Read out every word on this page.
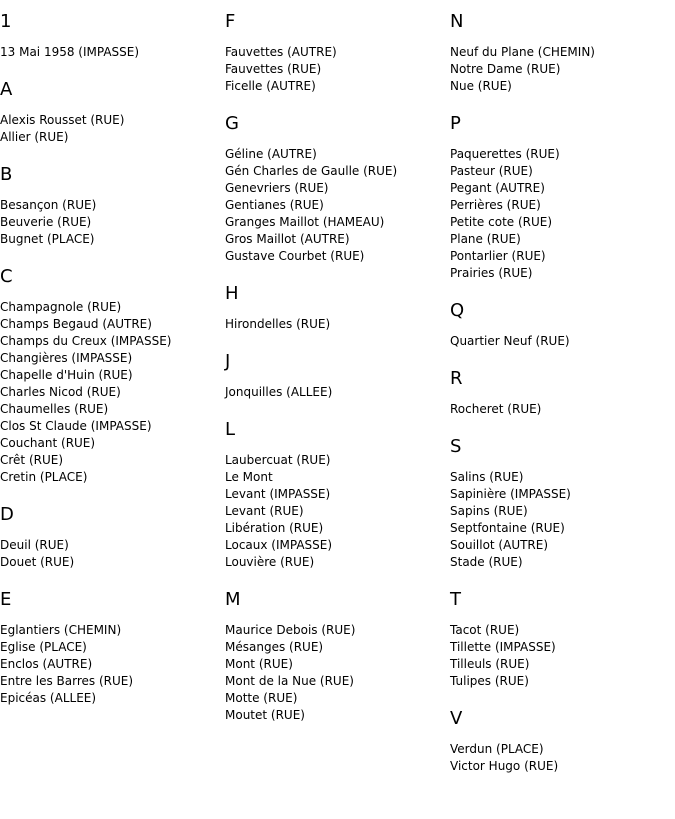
1
13 Mai 1958 (IMPASSE)
A
Alexis Rousset (RUE)
Allier (RUE)
B
Besançon (RUE)
Beuverie (RUE)
Bugnet (PLACE)
C
Champagnole (RUE)
Champs Begaud (AUTRE)
Champs du Creux (IMPASSE)
Changières (IMPASSE)
Chapelle d'Huin (RUE)
Charles Nicod (RUE)
Chaumelles (RUE)
Clos St Claude (IMPASSE)
Couchant (RUE)
Crêt (RUE)
Cretin (PLACE)
D
Deuil (RUE)
Douet (RUE)
E
Eglantiers (CHEMIN)
Eglise (PLACE)
Enclos (AUTRE)
Entre les Barres (RUE)
Epicéas (ALLEE)
F
Fauvettes (AUTRE)
Fauvettes (RUE)
Ficelle (AUTRE)
G
Géline (AUTRE)
Gén Charles de Gaulle (RUE)
Genevriers (RUE)
Gentianes (RUE)
Granges Maillot (HAMEAU)
Gros Maillot (AUTRE)
Gustave Courbet (RUE)
H
Hirondelles (RUE)
J
Jonquilles (ALLEE)
L
Laubercuat (RUE)
Le Mont
Levant (IMPASSE)
Levant (RUE)
Libération (RUE)
Locaux (IMPASSE)
Louvière (RUE)
M
Maurice Debois (RUE)
Mésanges (RUE)
Mont (RUE)
Mont de la Nue (RUE)
Motte (RUE)
Moutet (RUE)
N
Neuf du Plane (CHEMIN)
Notre Dame (RUE)
Nue (RUE)
P
Paquerettes (RUE)
Pasteur (RUE)
Pegant (AUTRE)
Perrières (RUE)
Petite cote (RUE)
Plane (RUE)
Pontarlier (RUE)
Prairies (RUE)
Q
Quartier Neuf (RUE)
R
Rocheret (RUE)
S
Salins (RUE)
Sapinière (IMPASSE)
Sapins (RUE)
Septfontaine (RUE)
Souillot (AUTRE)
Stade (RUE)
T
Tacot (RUE)
Tillette (IMPASSE)
Tilleuls (RUE)
Tulipes (RUE)
V
Verdun (PLACE)
Victor Hugo (RUE)
